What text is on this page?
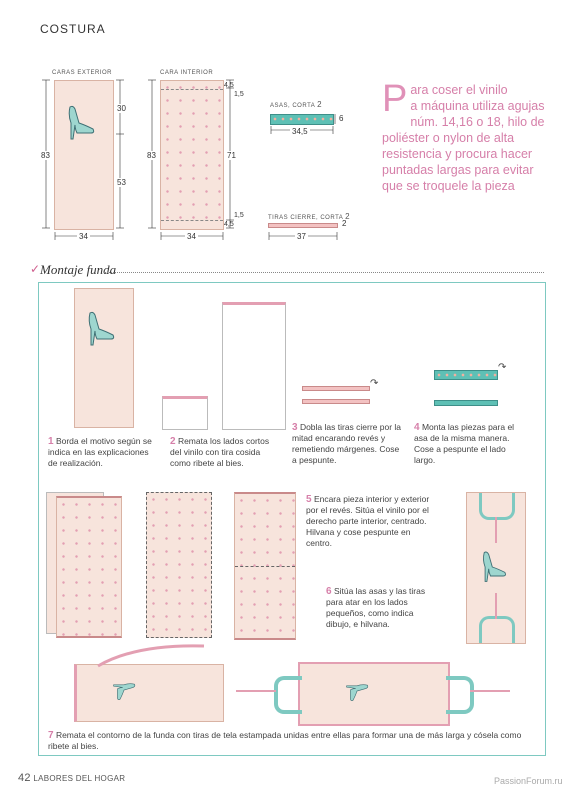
COSTURA
CARAS EXTERIOR	CARA INTERIOR
83
30
53
34
83
4,5
1,5
71
1,5
4,5
34
ASAS, CORTA 2
6
34,5
TIRAS CIERRE, CORTA 2
2
37
P ara coser el vinilo
a máquina utiliza agujas núm. 14,16 o 18, hilo de poliéster o nylon de alta resistencia y procura hacer puntadas largas para evitar que se troquele la pieza
✓ Montaje funda
↷
↷
1 Borda el motivo según se indica en las explicaciones de realización.
2 Remata los lados cortos del vinilo con tira cosida como ribete al bies.
3 Dobla las tiras cierre por la mitad encarando revés y remetiendo márgenes. Cose a pespunte.
4 Monta las piezas para el asa de la misma manera. Cose a pespunte el lado largo.
5 Encara pieza interior y exterior por el revés. Sitúa el vinilo por el derecho parte interior, centrado. Hilvana y cose pespunte en centro.
6 Sitúa las asas y las tiras para atar en los lados pequeños, como indica dibujo, e hilvana.
7 Remata el contorno de la funda con tiras de tela estampada unidas entre ellas para formar una de más larga y cósela como ribete al bies.
42 LABORES DEL HOGAR	PassionForum.ru
